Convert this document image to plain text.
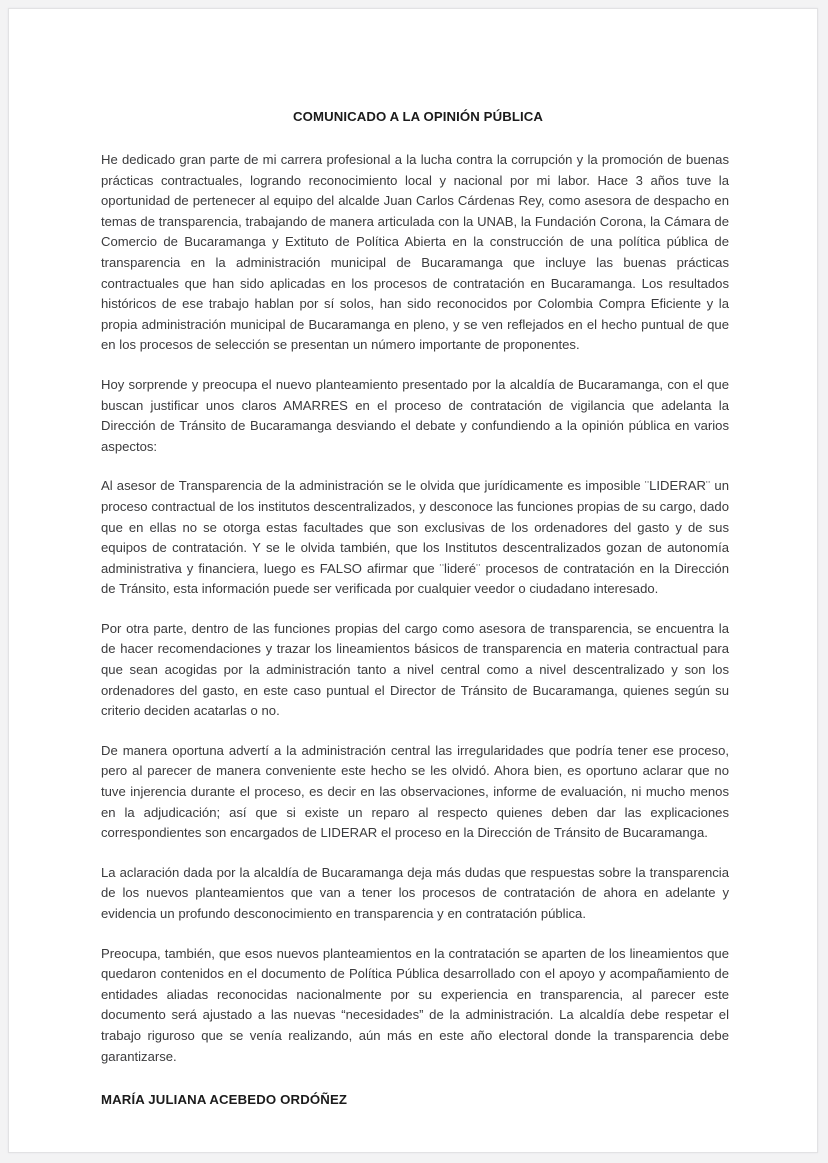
COMUNICADO A LA OPINIÓN PÚBLICA

He dedicado gran parte de mi carrera profesional a la lucha contra la corrupción y la promoción de buenas prácticas contractuales, logrando reconocimiento local y nacional por mi labor. Hace 3 años tuve la oportunidad de pertenecer al equipo del alcalde Juan Carlos Cárdenas Rey, como asesora de despacho en temas de transparencia, trabajando de manera articulada con la UNAB, la Fundación Corona, la Cámara de Comercio de Bucaramanga y Extituto de Política Abierta en la construcción de una política pública de transparencia en la administración municipal de Bucaramanga que incluye las buenas prácticas contractuales que han sido aplicadas en los procesos de contratación en Bucaramanga. Los resultados históricos de ese trabajo hablan por sí solos, han sido reconocidos por Colombia Compra Eficiente y la propia administración municipal de Bucaramanga en pleno, y se ven reflejados en el hecho puntual de que en los procesos de selección se presentan un número importante de proponentes.

Hoy sorprende y preocupa el nuevo planteamiento presentado por la alcaldía de Bucaramanga, con el que buscan justificar unos claros AMARRES en el proceso de contratación de vigilancia que adelanta la Dirección de Tránsito de Bucaramanga desviando el debate y confundiendo a la opinión pública en varios aspectos:

Al asesor de Transparencia de la administración se le olvida que jurídicamente es imposible ¨LIDERAR¨ un proceso contractual de los institutos descentralizados, y desconoce las funciones propias de su cargo, dado que en ellas no se otorga estas facultades que son exclusivas de los ordenadores del gasto y de sus equipos de contratación. Y se le olvida también, que los Institutos descentralizados gozan de autonomía administrativa y financiera, luego es FALSO afirmar que ¨lideré¨ procesos de contratación en la Dirección de Tránsito, esta información puede ser verificada por cualquier veedor o ciudadano interesado.

Por otra parte, dentro de las funciones propias del cargo como asesora de transparencia, se encuentra la de hacer recomendaciones y trazar los lineamientos básicos de transparencia en materia contractual para que sean acogidas por la administración tanto a nivel central como a nivel descentralizado y son los ordenadores del gasto, en este caso puntual el Director de Tránsito de Bucaramanga, quienes según su criterio deciden acatarlas o no.

De manera oportuna advertí a la administración central las irregularidades que podría tener ese proceso, pero al parecer de manera conveniente este hecho se les olvidó. Ahora bien, es oportuno aclarar que no tuve injerencia durante el proceso, es decir en las observaciones, informe de evaluación, ni mucho menos en la adjudicación; así que si existe un reparo al respecto quienes deben dar las explicaciones correspondientes son encargados de LIDERAR el proceso en la Dirección de Tránsito de Bucaramanga.

La aclaración dada por la alcaldía de Bucaramanga deja más dudas que respuestas sobre la transparencia de los nuevos planteamientos que van a tener los procesos de contratación de ahora en adelante y evidencia un profundo desconocimiento en transparencia y en contratación pública.

Preocupa, también, que esos nuevos planteamientos en la contratación se aparten de los lineamientos que quedaron contenidos en el documento de Política Pública desarrollado con el apoyo y acompañamiento de entidades aliadas reconocidas nacionalmente por su experiencia en transparencia, al parecer este documento será ajustado a las nuevas “necesidades” de la administración. La alcaldía debe respetar el trabajo riguroso que se venía realizando, aún más en este año electoral donde la transparencia debe garantizarse.

MARÍA JULIANA ACEBEDO ORDÓÑEZ
